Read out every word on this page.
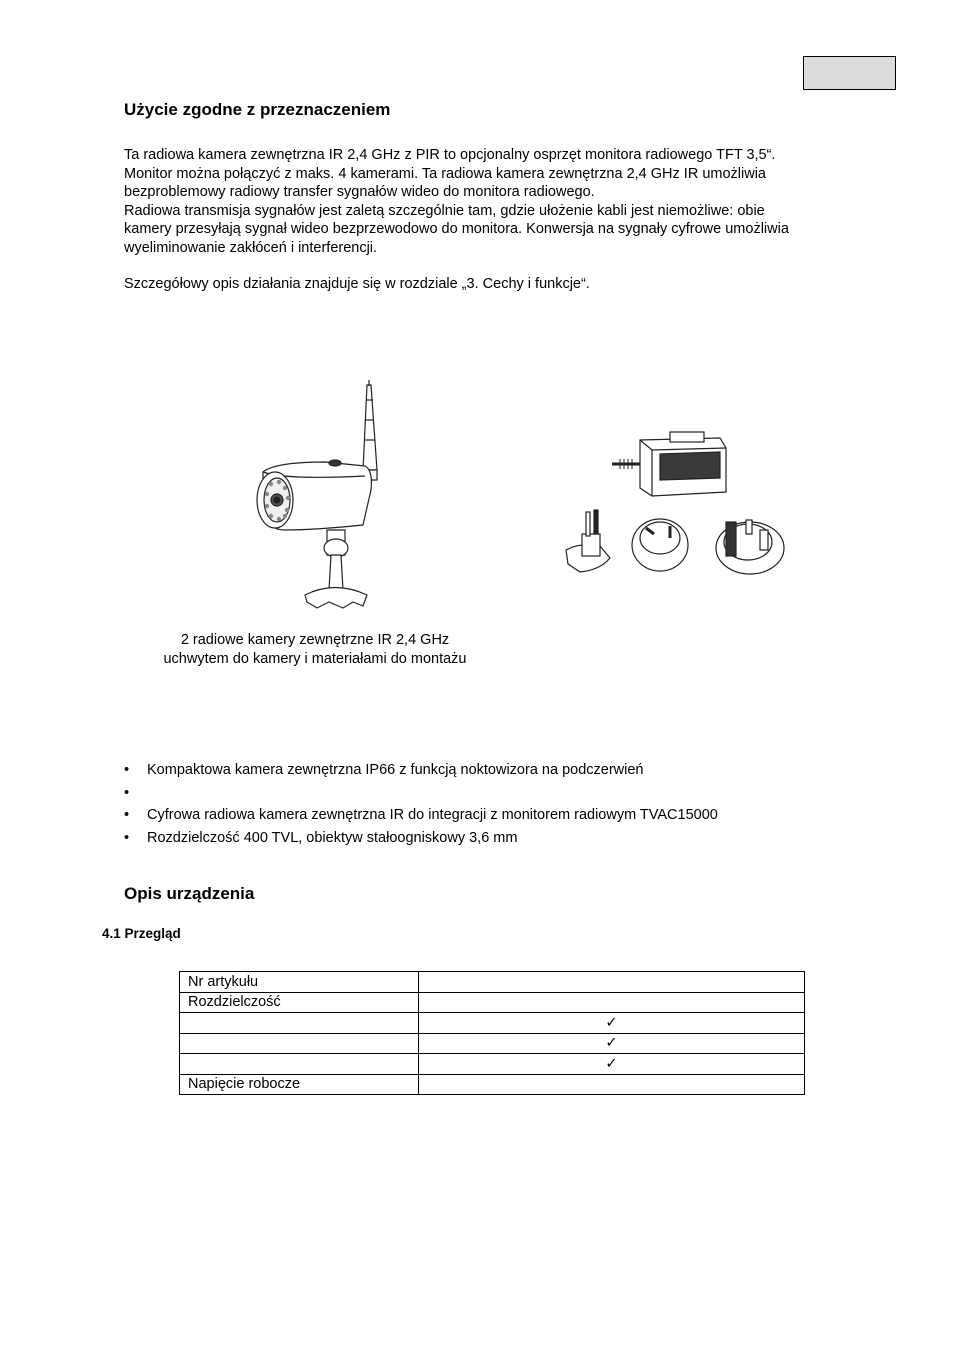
Użycie zgodne z przeznaczeniem

Ta radiowa kamera zewnętrzna IR 2,4 GHz z PIR to opcjonalny osprzęt monitora radiowego TFT 3,5“.

Monitor można połączyć z maks. 4 kamerami. Ta radiowa kamera zewnętrzna 2,4 GHz IR umożliwia

bezproblemowy radiowy transfer sygnałów wideo do monitora radiowego.

Radiowa transmisja sygnałów jest zaletą szczególnie tam, gdzie ułożenie kabli jest niemożliwe: obie

kamery przesyłają sygnał wideo bezprzewodowo do monitora. Konwersja na sygnały cyfrowe umożliwia

wyeliminowanie zakłóceń i interferencji.

Szczegółowy opis działania znajduje się w rozdziale „3. Cechy i funkcje“.
2 radiowe kamery zewnętrzne IR 2,4 GHz
uchwytem do kamery i materiałami do montażu
• Kompaktowa kamera zewnętrzna IP66 z funkcją noktowizora na podczerwień
•
• Cyfrowa radiowa kamera zewnętrzna IR do integracji z monitorem radiowym TVAC15000
• Rozdzielczość 400 TVL, obiektyw stałoogniskowy 3,6 mm
Opis urządzenia
4.1 Przegląd
Nr artykułu	
Rozdzielczość	
	✓
	✓
	✓
Napięcie robocze	
